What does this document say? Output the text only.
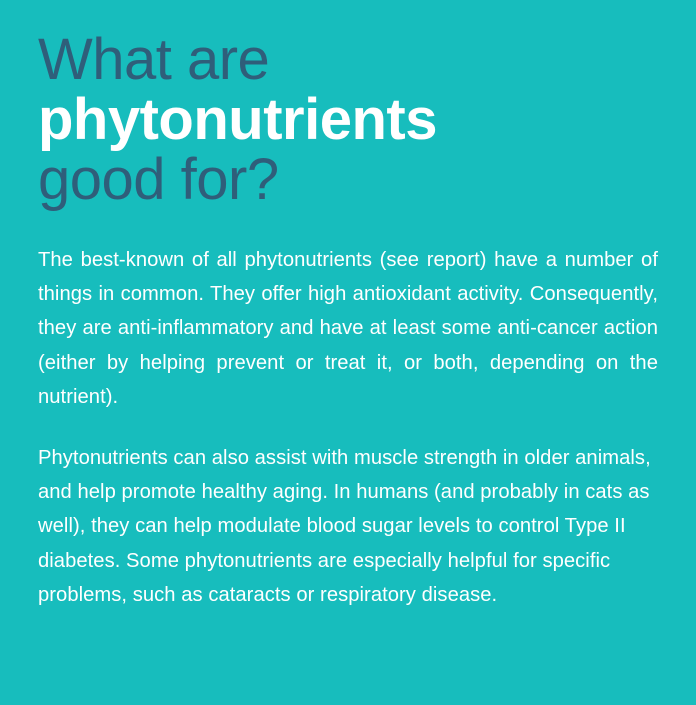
What are
phytonutrients
good for?

The best-known of all phytonutrients (see report) have a number of things in common. They offer high antioxidant activity. Consequently, they are anti-inflammatory and have at least some anti-cancer action (either by helping prevent or treat it, or both, depending on the nutrient).

Phytonutrients can also assist with muscle strength in older animals, and help promote healthy aging. In humans (and probably in cats as well), they can help modulate blood sugar levels to control Type II diabetes. Some phytonutrients are especially helpful for specific problems, such as cataracts or respiratory disease.
